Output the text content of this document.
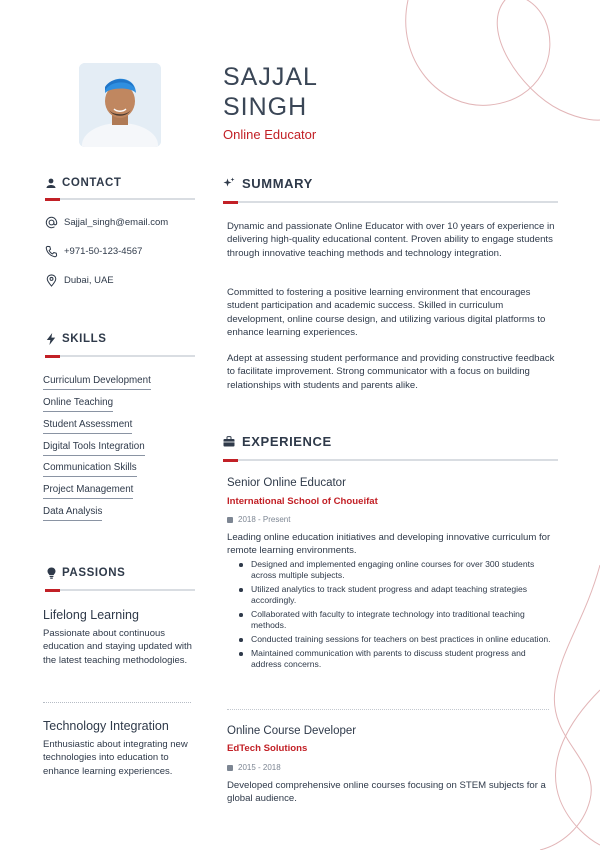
SAJJAL
SINGH
Online Educator
CONTACT
Sajjal_singh@email.com
+971-50-123-4567
Dubai, UAE
SKILLS
Curriculum Development
Online Teaching
Student Assessment
Digital Tools Integration
Communication Skills
Project Management
Data Analysis
PASSIONS
Lifelong Learning
Passionate about continuous education and staying updated with the latest teaching methodologies.
Technology Integration
Enthusiastic about integrating new technologies into education to enhance learning experiences.
SUMMARY

Dynamic and passionate Online Educator with over 10 years of experience in delivering high-quality educational content. Proven ability to engage students through innovative teaching methods and technology integration.

Committed to fostering a positive learning environment that encourages student participation and academic success. Skilled in curriculum development, online course design, and utilizing various digital platforms to enhance learning experiences.

Adept at assessing student performance and providing constructive feedback to facilitate improvement. Strong communicator with a focus on building relationships with students and parents alike.

EXPERIENCE
Senior Online Educator
International School of Choueifat
2018 - Present

Leading online education initiatives and developing innovative curriculum for remote learning environments.

Designed and implemented engaging online courses for over 300 students across multiple subjects.
Utilized analytics to track student progress and adapt teaching strategies accordingly.
Collaborated with faculty to integrate technology into traditional teaching methods.
Conducted training sessions for teachers on best practices in online education.
Maintained communication with parents to discuss student progress and address concerns.
Online Course Developer
EdTech Solutions
2015 - 2018

Developed comprehensive online courses focusing on STEM subjects for a global audience.
